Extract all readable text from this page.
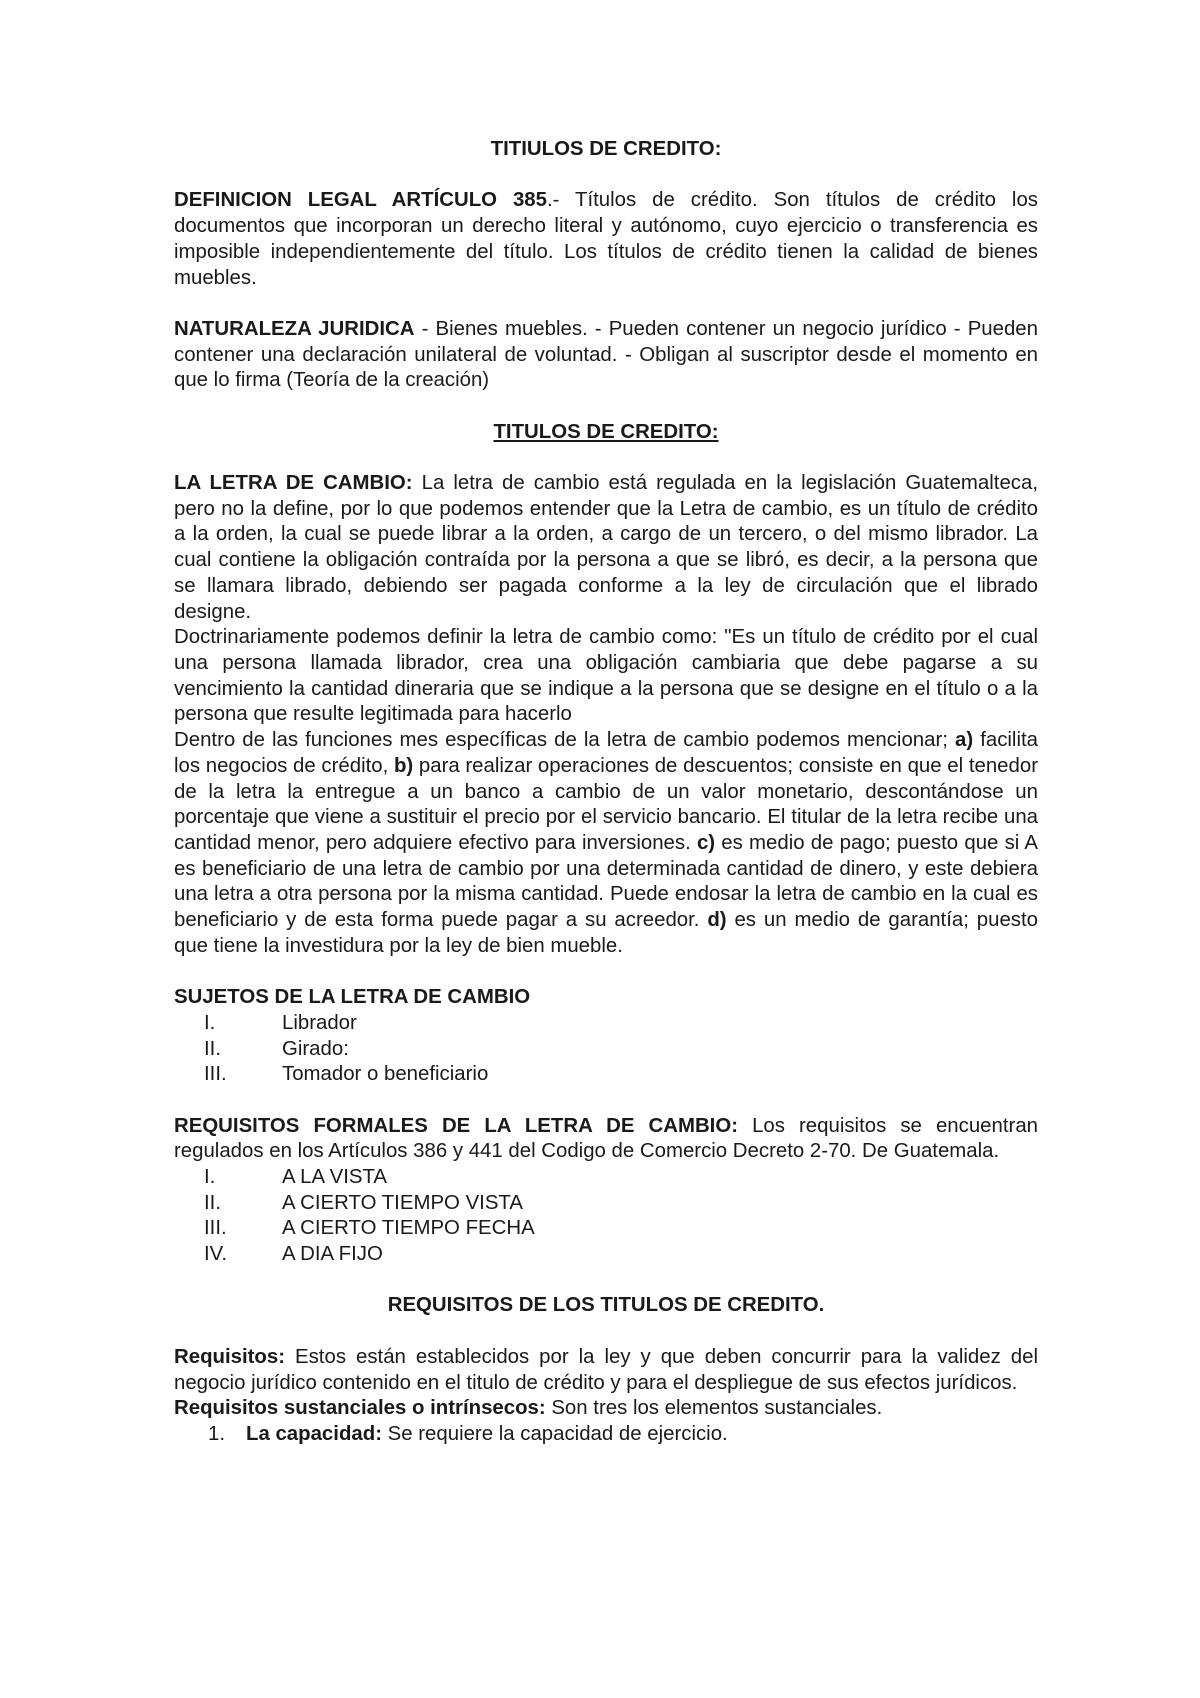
TITIULOS DE CREDITO:

DEFINICION LEGAL ARTÍCULO 385.- Títulos de crédito. Son títulos de crédito los documentos que incorporan un derecho literal y autónomo, cuyo ejercicio o transferencia es imposible independientemente del título. Los títulos de crédito tienen la calidad de bienes muebles.

NATURALEZA JURIDICA - Bienes muebles. - Pueden contener un negocio jurídico - Pueden contener una declaración unilateral de voluntad. - Obligan al suscriptor desde el momento en que lo firma (Teoría de la creación)

TITULOS DE CREDITO:

LA LETRA DE CAMBIO: La letra de cambio está regulada en la legislación Guatemalteca, pero no la define, por lo que podemos entender que la Letra de cambio, es un título de crédito a la orden, la cual se puede librar a la orden, a cargo de un tercero, o del mismo librador. La cual contiene la obligación contraída por la persona a que se libró, es decir, a la persona que se llamara librado, debiendo ser pagada conforme a la ley de circulación que el librado designe.

Doctrinariamente podemos definir la letra de cambio como: "Es un título de crédito por el cual una persona llamada librador, crea una obligación cambiaria que debe pagarse a su vencimiento la cantidad dineraria que se indique a la persona que se designe en el título o a la persona que resulte legitimada para hacerlo

Dentro de las funciones mes específicas de la letra de cambio podemos mencionar; a) facilita los negocios de crédito, b) para realizar operaciones de descuentos; consiste en que el tenedor de la letra la entregue a un banco a cambio de un valor monetario, descontándose un porcentaje que viene a sustituir el precio por el servicio bancario. El titular de la letra recibe una cantidad menor, pero adquiere efectivo para inversiones. c) es medio de pago; puesto que si A es beneficiario de una letra de cambio por una determinada cantidad de dinero, y este debiera una letra a otra persona por la misma cantidad. Puede endosar la letra de cambio en la cual es beneficiario y de esta forma puede pagar a su acreedor. d) es un medio de garantía; puesto que tiene la investidura por la ley de bien mueble.

SUJETOS DE LA LETRA DE CAMBIO

I.	Librador
II.	Girado:
III.	Tomador o beneficiario

REQUISITOS FORMALES DE LA LETRA DE CAMBIO: Los requisitos se encuentran regulados en los Artículos 386 y 441 del Codigo de Comercio Decreto 2-70. De Guatemala.

I.	A LA VISTA
II.	A CIERTO TIEMPO VISTA
III.	A CIERTO TIEMPO FECHA
IV.	A DIA FIJO

REQUISITOS DE LOS TITULOS DE CREDITO.

Requisitos: Estos están establecidos por la ley y que deben concurrir para la validez del negocio jurídico contenido en el titulo de crédito y para el despliegue de sus efectos jurídicos.

Requisitos sustanciales o intrínsecos: Son tres los elementos sustanciales.

1.	La capacidad: Se requiere la capacidad de ejercicio.
